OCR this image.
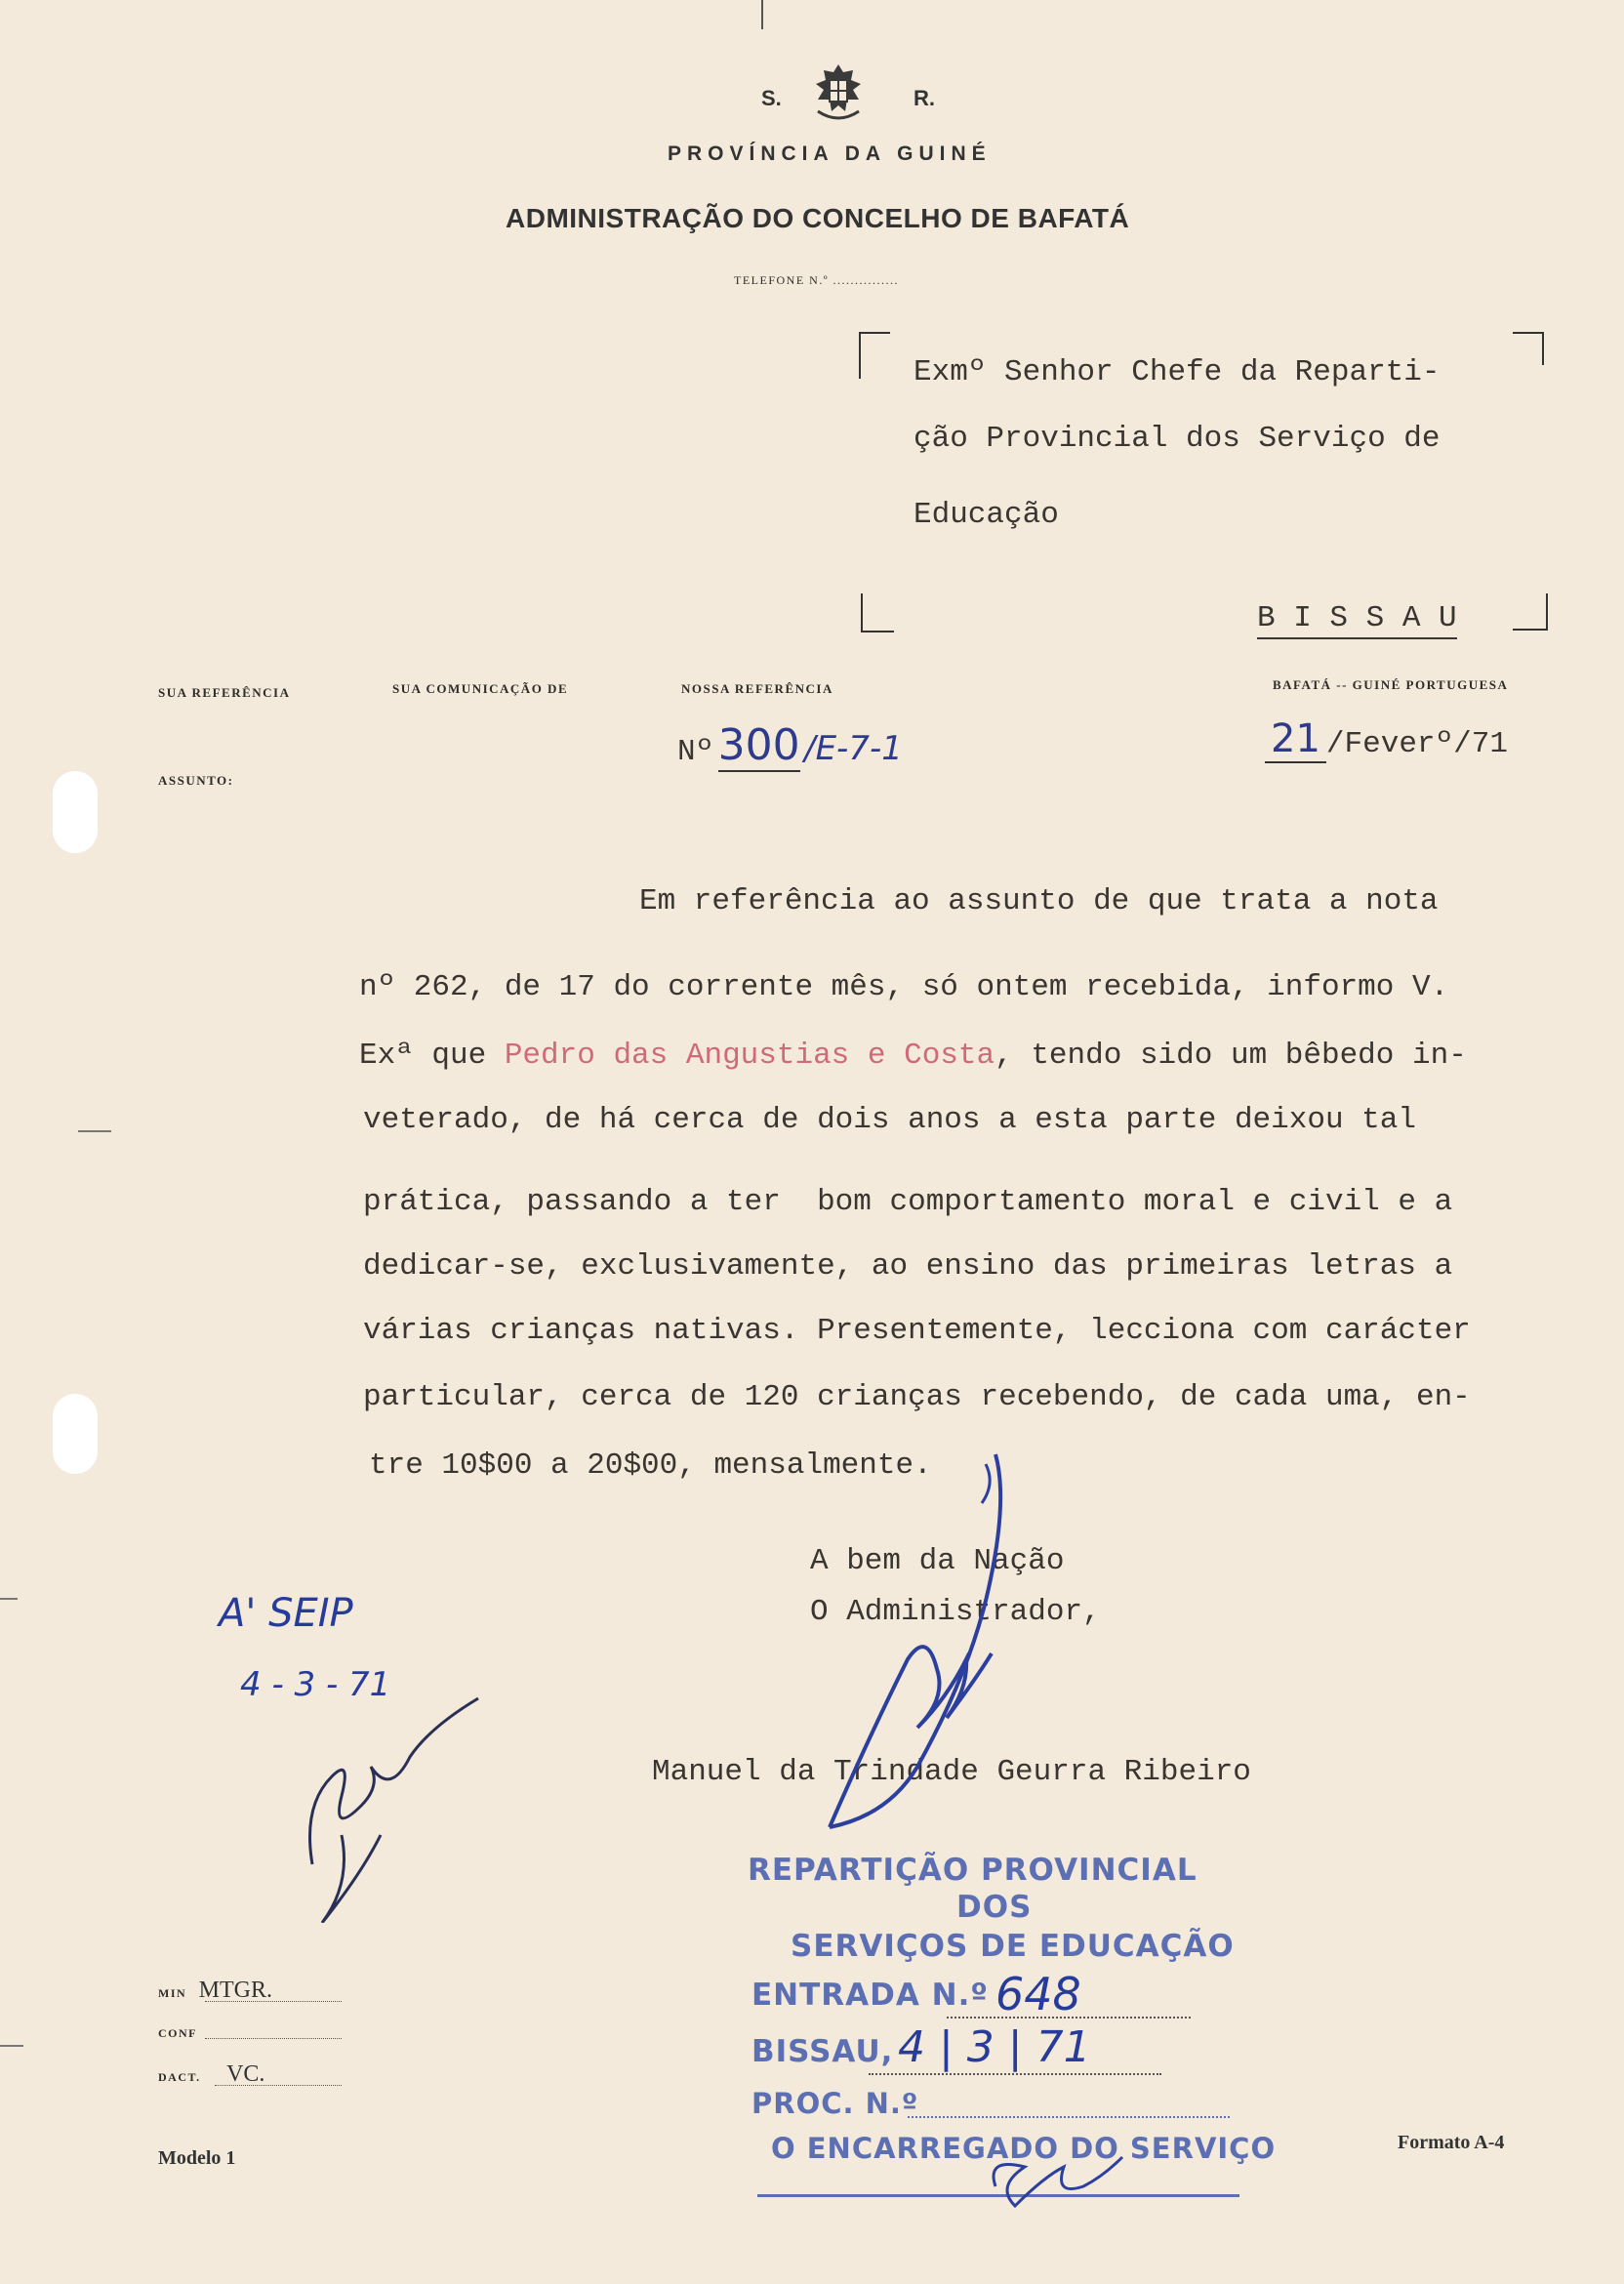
S.	R.
PROVÍNCIA DA GUINÉ
ADMINISTRAÇÃO DO CONCELHO DE BAFATÁ
TELEFONE N.º ...............
Exmº Senhor Chefe da Reparti-
ção Provincial dos Serviço de
Educação
B I S S A U
SUA REFERÊNCIA	SUA COMUNICAÇÃO DE	NOSSA REFERÊNCIA	BAFATÁ -- GUINÉ PORTUGUESA
ASSUNTO:
Nº 300 /E-7-1	21 /Feverº/71
Em referência ao assunto de que trata a nota
nº 262, de 17 do corrente mês, só ontem recebida, informo V.
Exª que Pedro das Angustias e Costa, tendo sido um bêbedo in-
veterado, de há cerca de dois anos a esta parte deixou tal
prática, passando a ter  bom comportamento moral e civil e a
dedicar-se, exclusivamente, ao ensino das primeiras letras a
várias crianças nativas. Presentemente, lecciona com carácter
particular, cerca de 120 crianças recebendo, de cada uma, en-
tre 10$00 a 20$00, mensalmente.
A bem da Nação
O Administrador,
Manuel da Trindade Geurra Ribeiro
A' SEIP
4 - 3 - 71
REPARTIÇÃO PROVINCIAL
DOS
SERVIÇOS DE EDUCAÇÃO
ENTRADA N.º 648
BISSAU, 4 | 3 | 71
PROC. N.º
O ENCARREGADO DO SERVIÇO
MIN MTGR.
CONF
DACT. VC.
Modelo 1
Formato A-4
